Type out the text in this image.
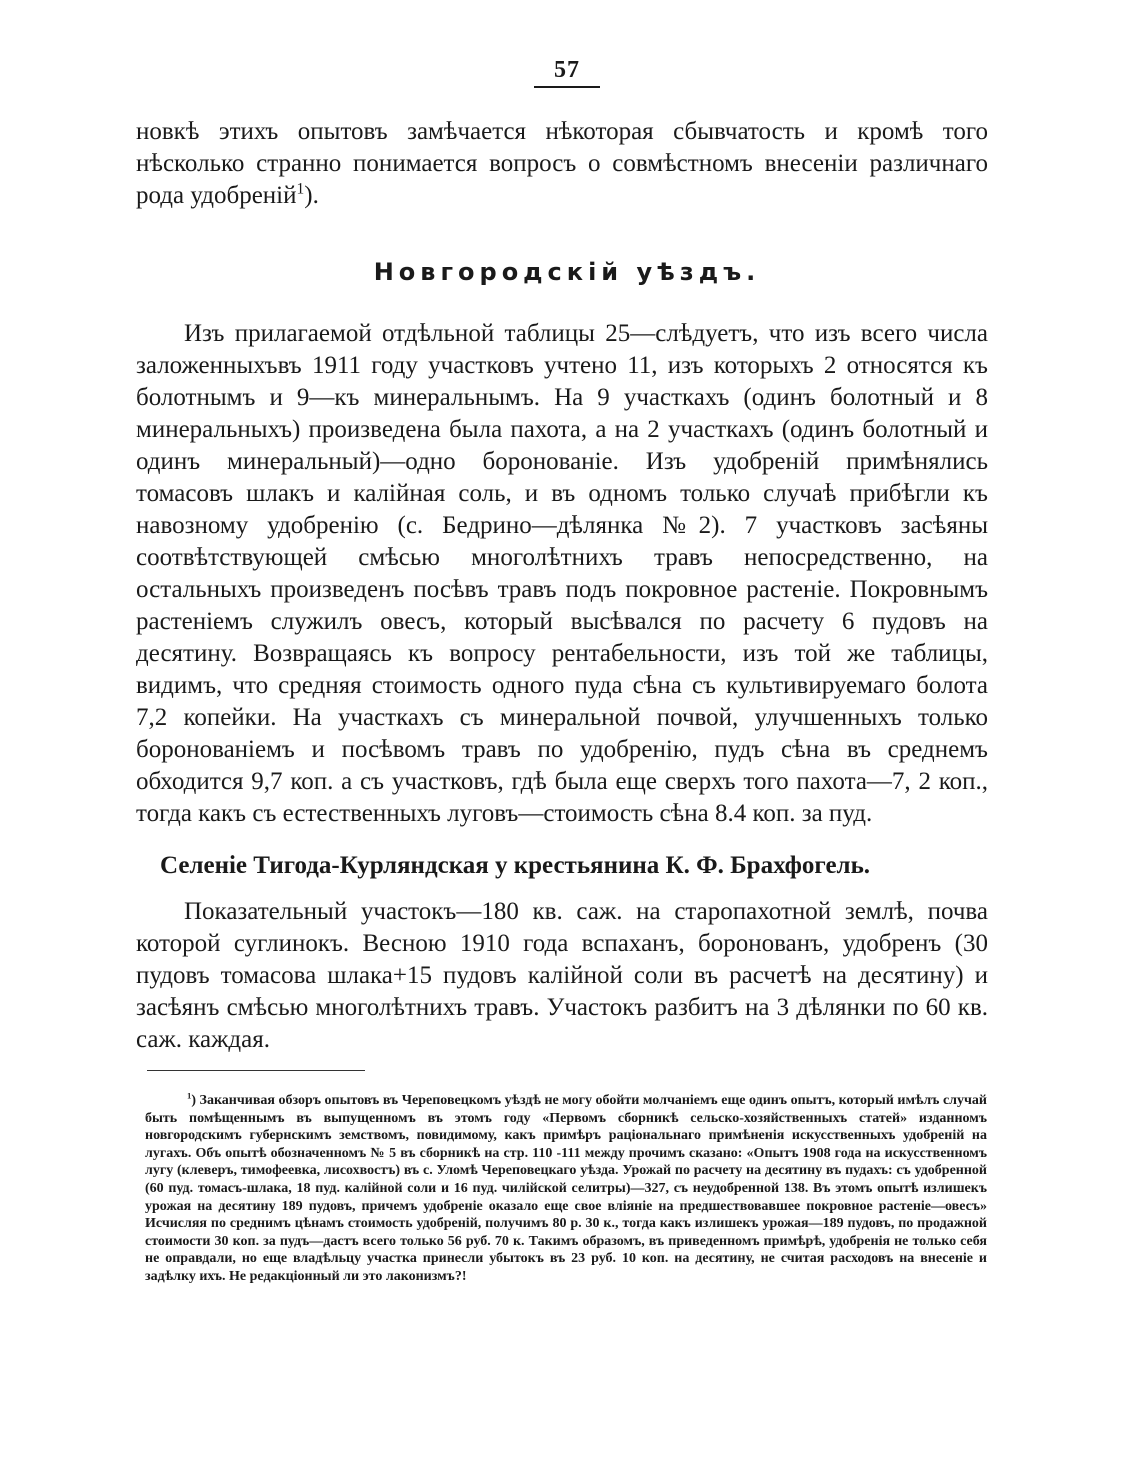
57

новкѣ этихъ опытовъ замѣчается нѣкоторая сбывчатость и кромѣ того нѣсколько странно понимается вопросъ о совмѣстномъ внесеніи различнаго рода удобреній$^1$).

Новгородскій уѣздъ.

Изъ прилагаемой отдѣльной таблицы 25—слѣдуетъ, что изъ всего числа заложенныхъвъ 1911 году участковъ учтено 11, изъ которыхъ 2 относятся къ болотнымъ и 9—къ минеральнымъ. На 9 участкахъ (одинъ болотный и 8 минеральныхъ) произведена была пахота, а на 2 участкахъ (одинъ болотный и одинъ минеральный)—одно боронованіе. Изъ удобреній примѣнялись томасовъ шлакъ и калійная соль, и въ одномъ только случаѣ прибѣгли къ навозному удобренію (с. Бедрино—дѣлянка №2). 7 участковъ засѣяны соотвѣтствующей смѣсью многолѣтнихъ травъ непосредственно, на остальныхъ произведенъ посѣвъ травъ подъ покровное растеніе. Покровнымъ растеніемъ служилъ овесъ, который высѣвался по расчету 6 пудовъ на десятину. Возвращаясь къ вопросу рентабельности, изъ той же таблицы, видимъ, что средняя стоимость одного пуда сѣна съ культивируемаго болота 7,2 копейки. На участкахъ съ минеральной почвой, улучшенныхъ только боронованіемъ и посѣвомъ травъ по удобренію, пудъ сѣна въ среднемъ обходится 9,7 коп. а съ участковъ, гдѣ была еще сверхъ того пахота—7, 2 коп., тогда какъ съ естественныхъ луговъ—стоимость сѣна 8.4 коп. за пуд.

Селеніе Тигода-Курляндская у крестьянина К. Ф. Брахфогель.

Показательный участокъ—180 кв. саж. на старопахотной землѣ, почва которой суглинокъ. Весною 1910 года вспаханъ, боронованъ, удобренъ (30 пудовъ томасова шлака+15 пудовъ калійной соли въ расчетѣ на десятину) и засѣянъ смѣсью многолѣтнихъ травъ. Участокъ разбитъ на 3 дѣлянки по 60 кв. саж. каждая.

$^1$) Заканчивая обзоръ опытовъ въ Череповецкомъ уѣздѣ не могу обойти молчаніемъ еще одинъ опытъ, который имѣлъ случай быть помѣщеннымъ въ выпущенномъ въ этомъ году «Первомъ сборникѣ сельско-хозяйственныхъ статей» изданномъ новгородскимъ губернскимъ земствомъ, повидимому, какъ примѣръ раціональнаго примѣненія искусственныхъ удобреній на лугахъ. Объ опытѣ обозначенномъ № 5 въ сборникѣ на стр. 110 -111 между прочимъ сказано: «Опытъ 1908 года на искусственномъ лугу (клеверъ, тимофеевка, лисохвостъ) въ с. Уломѣ Череповецкаго уѣзда. Урожай по расчету на десятину въ пудахъ: съ удобренной (60 пуд. томасъ-шлака, 18 пуд. калійной соли и 16 пуд. чилійской селитры)—327, съ неудобренной 138. Въ этомъ опытѣ излишекъ урожая на десятину 189 пудовъ, причемъ удобреніе оказало еще свое вліяніе на предшествовавшее покровное растеніе—овесъ» Исчисляя по среднимъ цѣнамъ стоимость удобреній, получимъ 80 р. 30 к., тогда какъ излишекъ урожая—189 пудовъ, по продажной стоимости 30 коп. за пудъ—дастъ всего только 56 руб. 70 к. Такимъ образомъ, въ приведенномъ примѣрѣ, удобренія не только себя не оправдали, но еще владѣльцу участка принесли убытокъ въ 23 руб. 10 коп. на десятину, не считая расходовъ на внесеніе и задѣлку ихъ. Не редакціонный ли это лаконизмъ?!
